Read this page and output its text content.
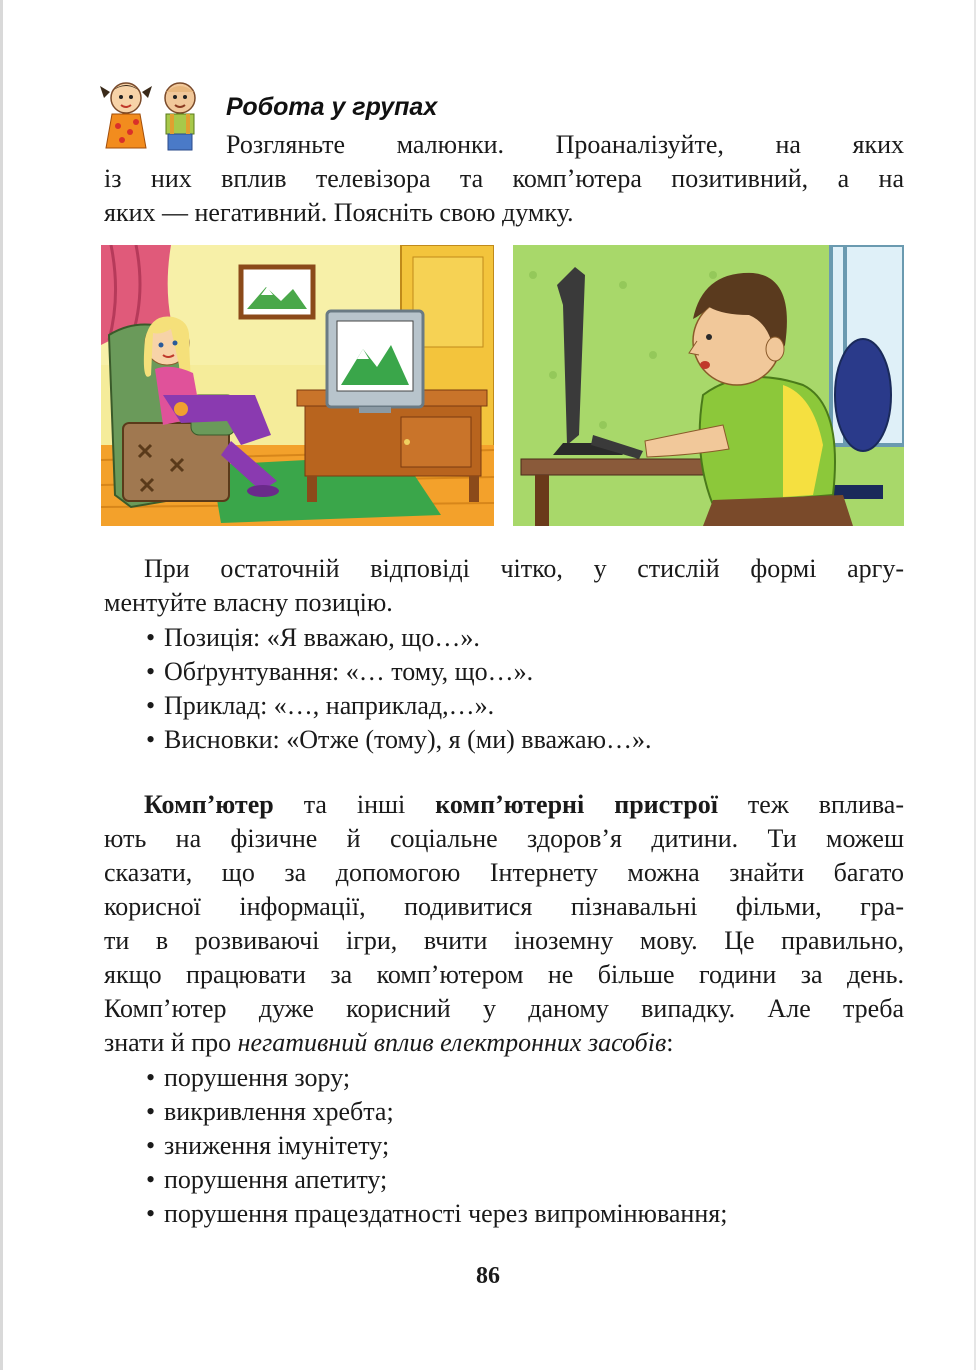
Робота у групах
Розгляньте малюнки. Проаналізуйте, на яких
із них вплив телевізора та комп’ютера позитивний, а на
яких — негативний. Поясніть свою думку.
При остаточній відповіді чітко, у стислій формі аргу-
ментуйте власну позицію.
• Позиція: «Я вважаю, що…».
• Обґрунтування: «… тому, що…».
• Приклад: «…, наприклад,…».
• Висновки: «Отже (тому), я (ми) вважаю…».
Комп’ютер та інші комп’ютерні пристрої теж вплива-
ють на фізичне й соціальне здоров’я дитини. Ти можеш
сказати, що за допомогою Інтернету можна знайти багато
корисної інформації, подивитися пізнавальні фільми, гра-
ти в розвиваючі ігри, вчити іноземну мову. Це правильно,
якщо працювати за комп’ютером не більше години за день.
Комп’ютер дуже корисний у даному випадку. Але треба
знати й про негативний вплив електронних засобів:
• порушення зору;
• викривлення хребта;
• зниження імунітету;
• порушення апетиту;
• порушення працездатності через випромінювання;
86
